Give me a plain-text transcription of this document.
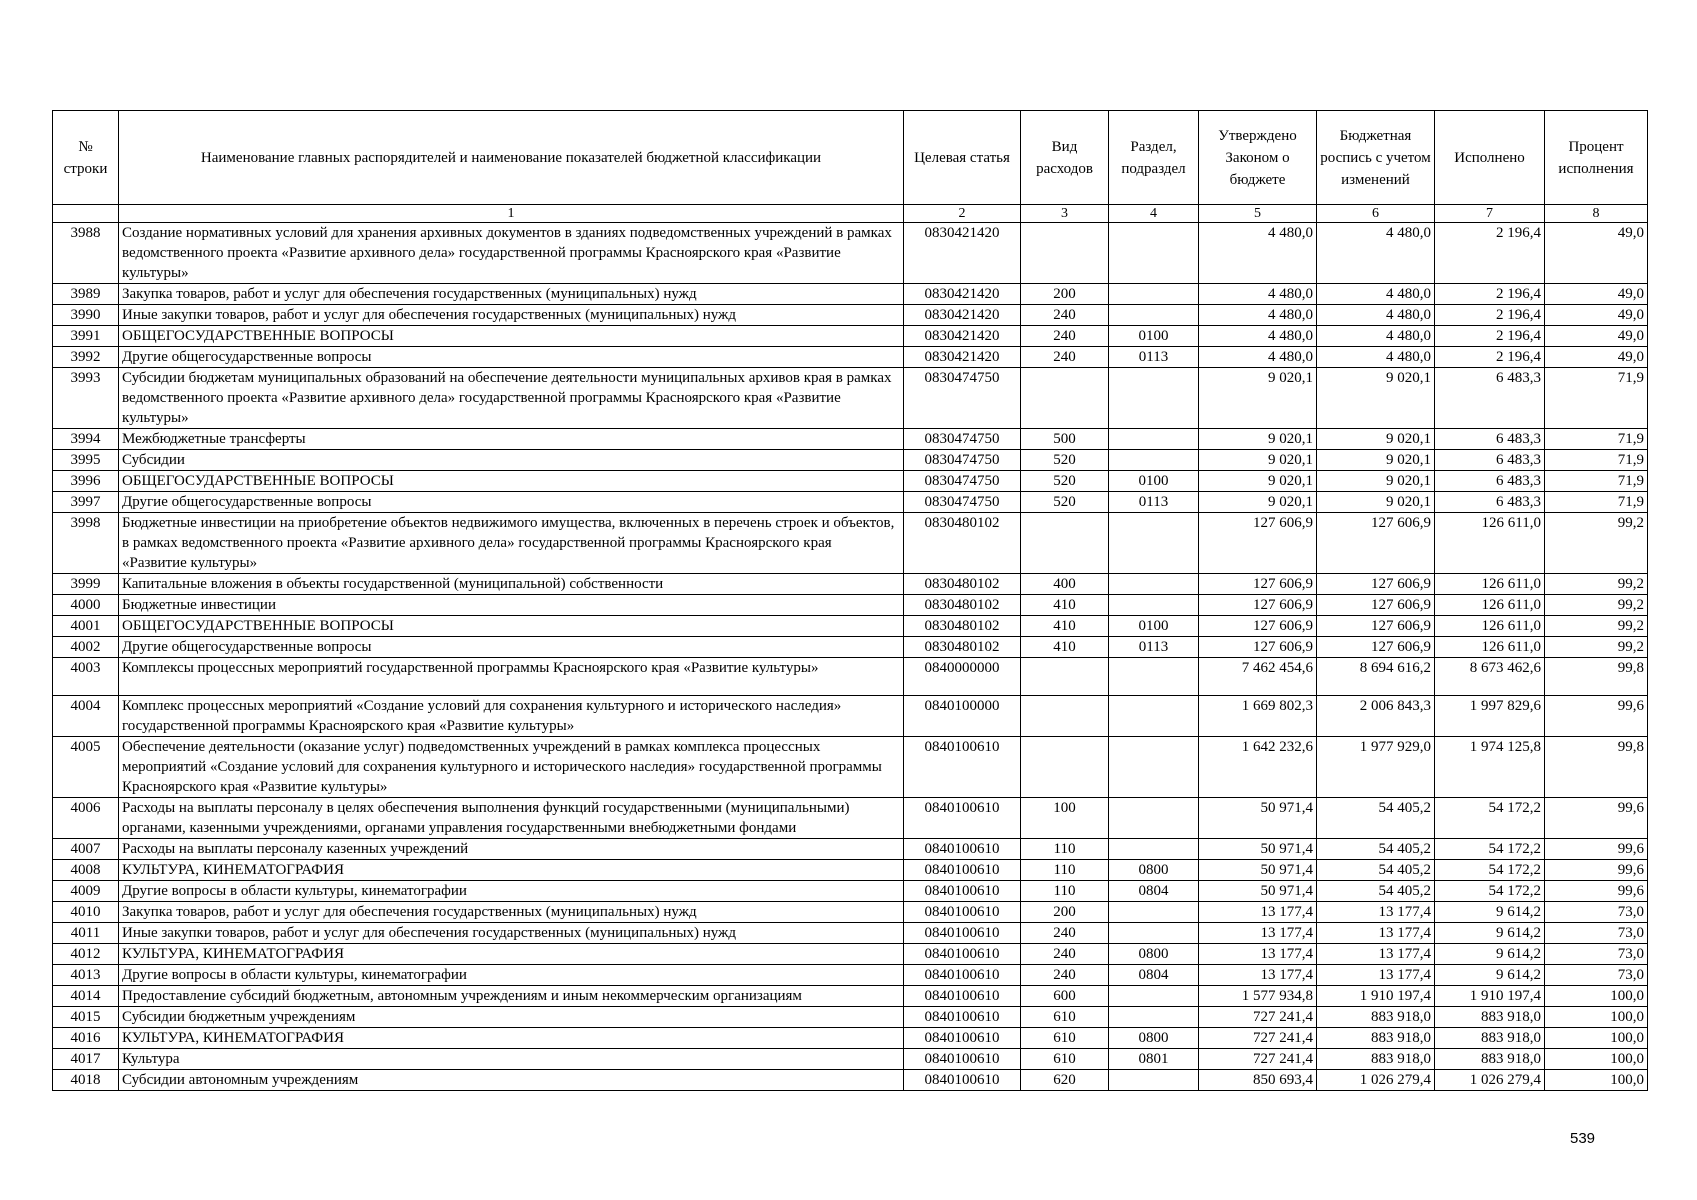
№ строки	Наименование главных распорядителей и наименование показателей бюджетной классификации	Целевая статья	Вид расходов	Раздел, подраздел	Утверждено Законом о бюджете	Бюджетная роспись с учетом изменений	Исполнено	Процент исполнения
	1	2	3	4	5	6	7	8
3988	Создание нормативных условий для хранения архивных документов в зданиях подведомственных учреждений в рамках ведомственного проекта «Развитие архивного дела» государственной программы Красноярского края «Развитие культуры»	0830421420			4 480,0	4 480,0	2 196,4	49,0
3989	Закупка товаров, работ и услуг для обеспечения государственных (муниципальных) нужд	0830421420	200		4 480,0	4 480,0	2 196,4	49,0
3990	Иные закупки товаров, работ и услуг для обеспечения государственных (муниципальных) нужд	0830421420	240		4 480,0	4 480,0	2 196,4	49,0
3991	ОБЩЕГОСУДАРСТВЕННЫЕ ВОПРОСЫ	0830421420	240	0100	4 480,0	4 480,0	2 196,4	49,0
3992	Другие общегосударственные вопросы	0830421420	240	0113	4 480,0	4 480,0	2 196,4	49,0
3993	Субсидии бюджетам муниципальных образований на обеспечение деятельности муниципальных архивов края в рамках ведомственного проекта «Развитие архивного дела» государственной программы Красноярского края «Развитие культуры»	0830474750			9 020,1	9 020,1	6 483,3	71,9
3994	Межбюджетные трансферты	0830474750	500		9 020,1	9 020,1	6 483,3	71,9
3995	Субсидии	0830474750	520		9 020,1	9 020,1	6 483,3	71,9
3996	ОБЩЕГОСУДАРСТВЕННЫЕ ВОПРОСЫ	0830474750	520	0100	9 020,1	9 020,1	6 483,3	71,9
3997	Другие общегосударственные вопросы	0830474750	520	0113	9 020,1	9 020,1	6 483,3	71,9
3998	Бюджетные инвестиции на приобретение объектов недвижимого имущества, включенных в перечень строек и объектов, в рамках ведомственного проекта «Развитие архивного дела» государственной программы Красноярского края «Развитие культуры»	0830480102			127 606,9	127 606,9	126 611,0	99,2
3999	Капитальные вложения в объекты государственной (муниципальной) собственности	0830480102	400		127 606,9	127 606,9	126 611,0	99,2
4000	Бюджетные инвестиции	0830480102	410		127 606,9	127 606,9	126 611,0	99,2
4001	ОБЩЕГОСУДАРСТВЕННЫЕ ВОПРОСЫ	0830480102	410	0100	127 606,9	127 606,9	126 611,0	99,2
4002	Другие общегосударственные вопросы	0830480102	410	0113	127 606,9	127 606,9	126 611,0	99,2
4003	Комплексы процессных мероприятий государственной программы Красноярского края «Развитие культуры»	0840000000			7 462 454,6	8 694 616,2	8 673 462,6	99,8
4004	Комплекс процессных мероприятий «Создание условий для сохранения культурного и исторического наследия» государственной программы Красноярского края «Развитие культуры»	0840100000			1 669 802,3	2 006 843,3	1 997 829,6	99,6
4005	Обеспечение деятельности (оказание услуг) подведомственных учреждений в рамках комплекса процессных мероприятий «Создание условий для сохранения культурного и исторического наследия» государственной программы Красноярского края «Развитие культуры»	0840100610			1 642 232,6	1 977 929,0	1 974 125,8	99,8
4006	Расходы на выплаты персоналу в целях обеспечения выполнения функций государственными (муниципальными) органами, казенными учреждениями, органами управления государственными внебюджетными фондами	0840100610	100		50 971,4	54 405,2	54 172,2	99,6
4007	Расходы на выплаты персоналу казенных учреждений	0840100610	110		50 971,4	54 405,2	54 172,2	99,6
4008	КУЛЬТУРА, КИНЕМАТОГРАФИЯ	0840100610	110	0800	50 971,4	54 405,2	54 172,2	99,6
4009	Другие вопросы в области культуры, кинематографии	0840100610	110	0804	50 971,4	54 405,2	54 172,2	99,6
4010	Закупка товаров, работ и услуг для обеспечения государственных (муниципальных) нужд	0840100610	200		13 177,4	13 177,4	9 614,2	73,0
4011	Иные закупки товаров, работ и услуг для обеспечения государственных (муниципальных) нужд	0840100610	240		13 177,4	13 177,4	9 614,2	73,0
4012	КУЛЬТУРА, КИНЕМАТОГРАФИЯ	0840100610	240	0800	13 177,4	13 177,4	9 614,2	73,0
4013	Другие вопросы в области культуры, кинематографии	0840100610	240	0804	13 177,4	13 177,4	9 614,2	73,0
4014	Предоставление субсидий бюджетным, автономным учреждениям и иным некоммерческим организациям	0840100610	600		1 577 934,8	1 910 197,4	1 910 197,4	100,0
4015	Субсидии бюджетным учреждениям	0840100610	610		727 241,4	883 918,0	883 918,0	100,0
4016	КУЛЬТУРА, КИНЕМАТОГРАФИЯ	0840100610	610	0800	727 241,4	883 918,0	883 918,0	100,0
4017	Культура	0840100610	610	0801	727 241,4	883 918,0	883 918,0	100,0
4018	Субсидии автономным учреждениям	0840100610	620		850 693,4	1 026 279,4	1 026 279,4	100,0
539
